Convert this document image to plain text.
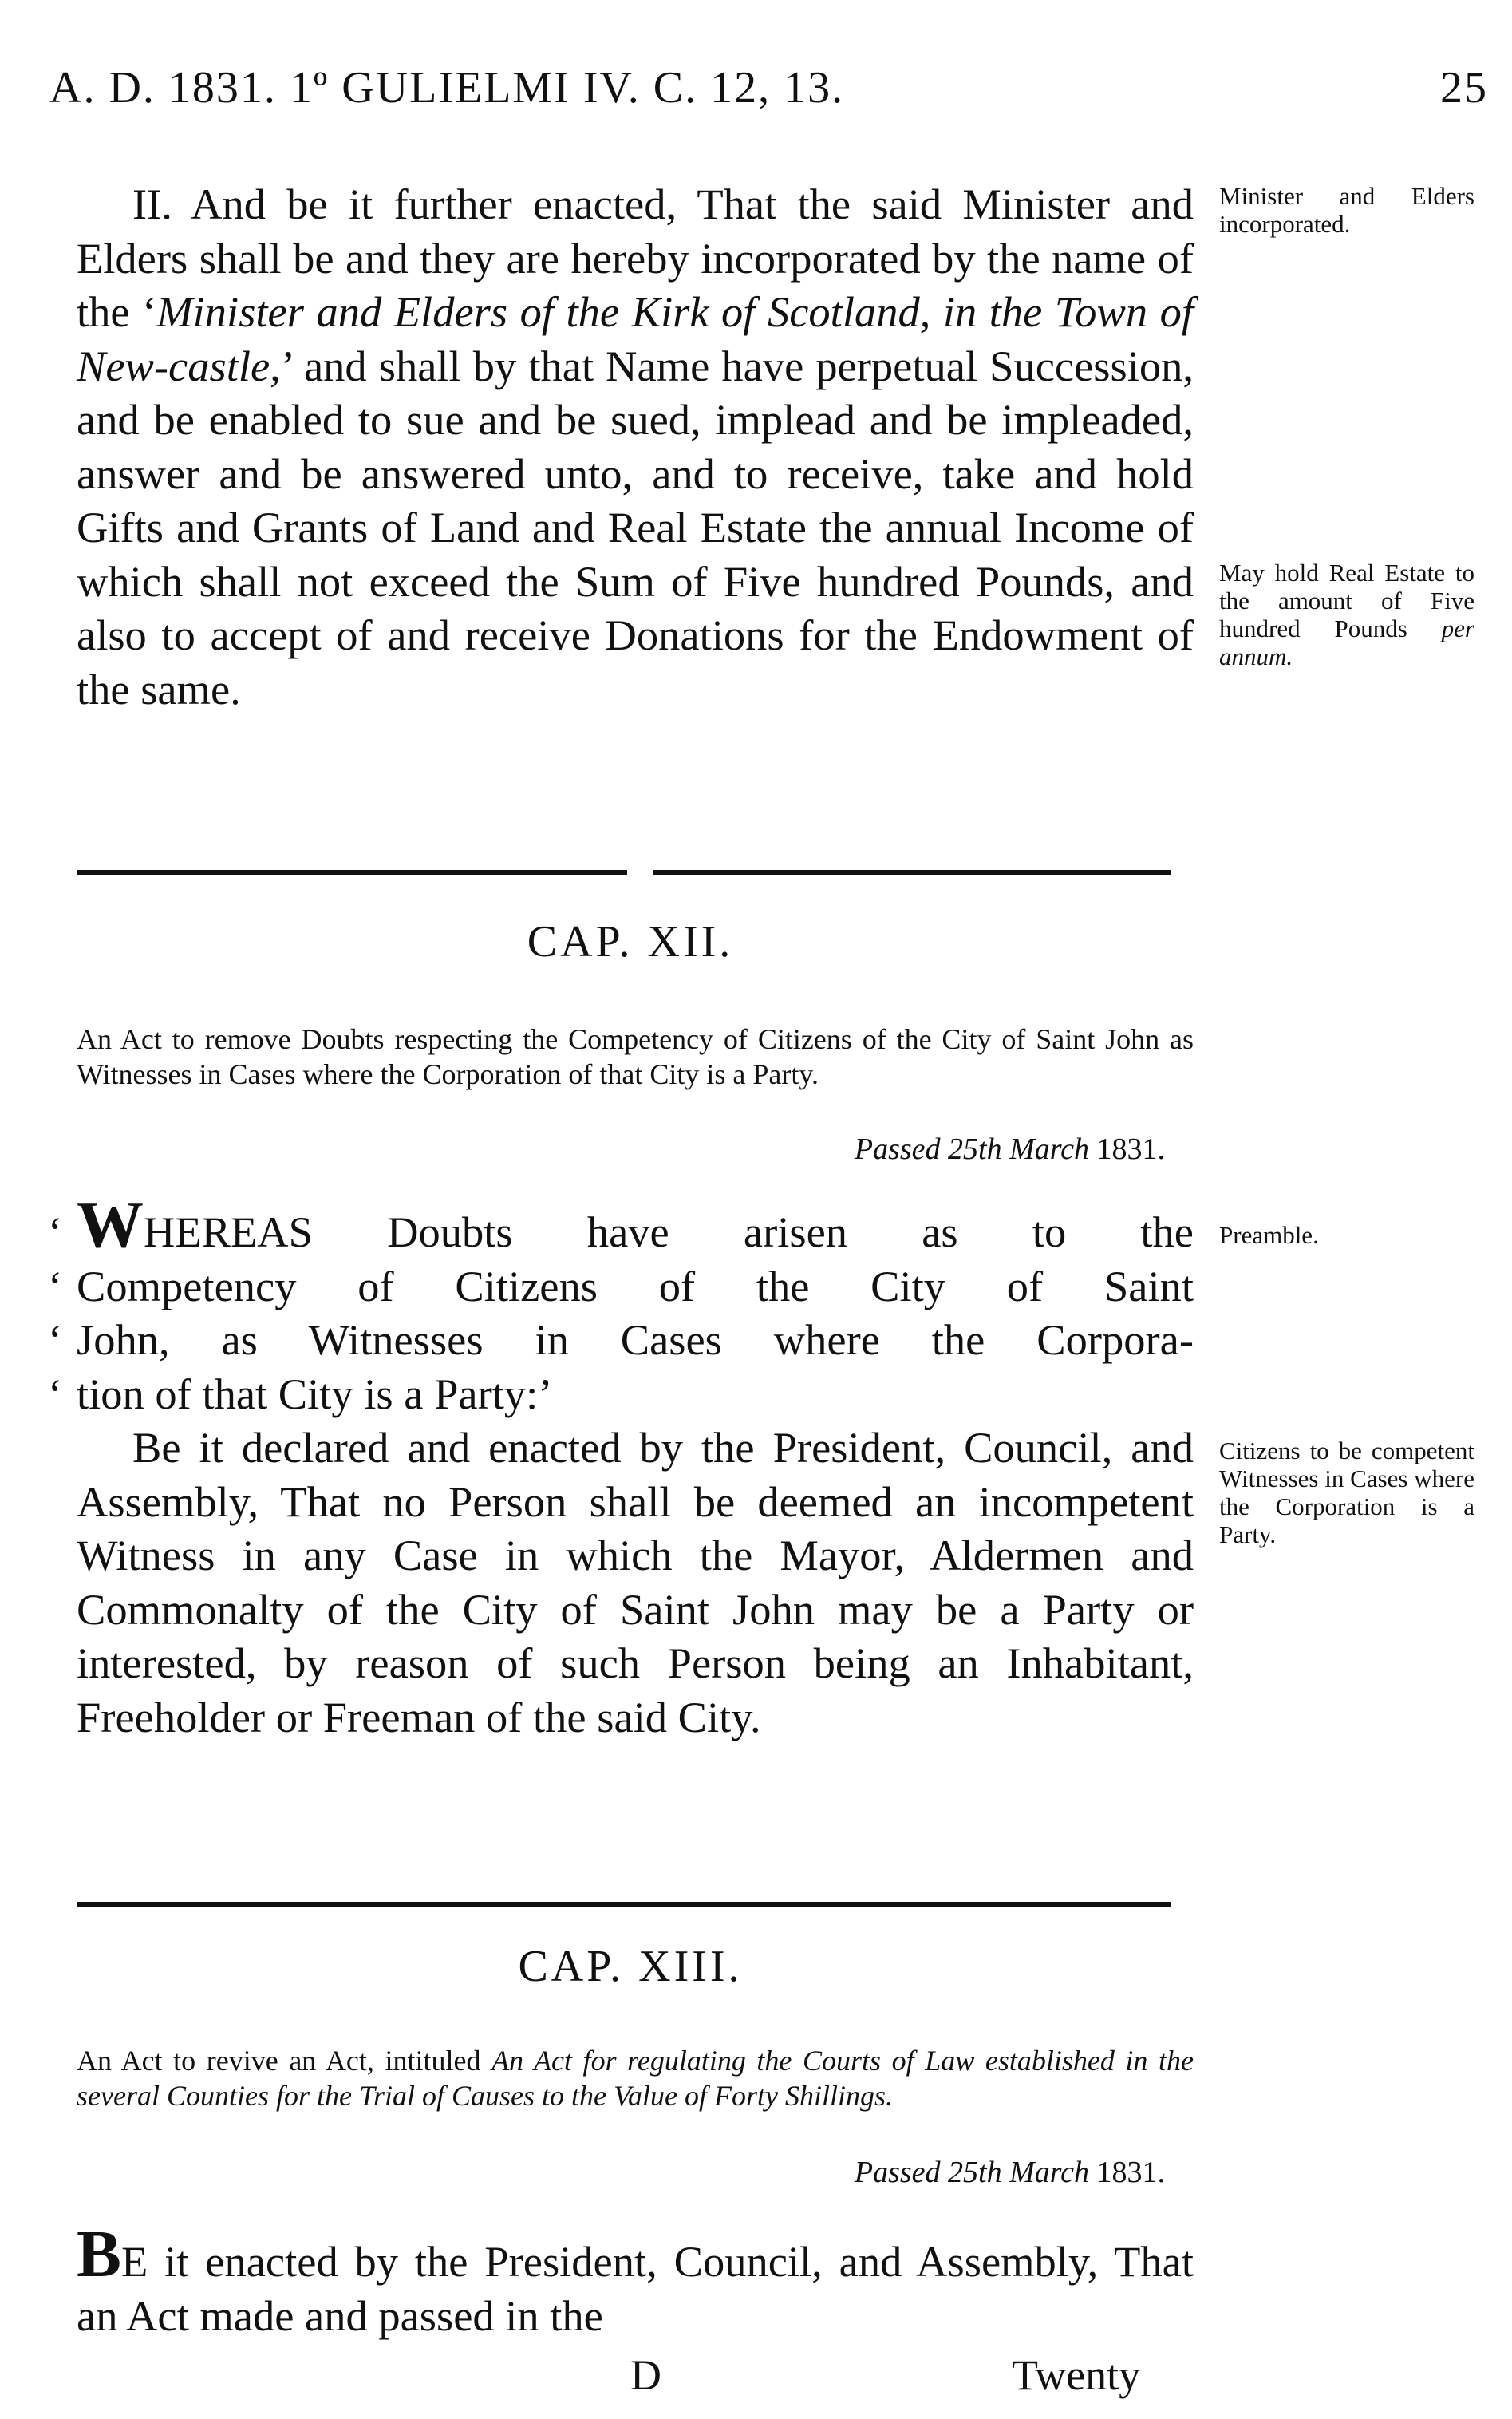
A. D. 1831. 1º GULIELMI IV. C. 12, 13.	25

II. And be it further enacted, That the said Minister and Elders shall be and they are hereby incorporated by the name of the ‘Minister and Elders of the Kirk of Scotland, in the Town of New-castle,’ and shall by that Name have perpetual Succession, and be enabled to sue and be sued, implead and be impleaded, answer and be answered unto, and to receive, take and hold Gifts and Grants of Land and Real Estate the annual Income of which shall not exceed the Sum of Five hundred Pounds, and also to accept of and receive Donations for the Endowment of the same.

Minister and Elders incorporated.
May hold Real Estate to the amount of Five hundred Pounds per annum.
CAP. XII.
An Act to remove Doubts respecting the Competency of Citizens of the City of Saint John as Witnesses in Cases where the Corporation of that City is a Party.
Passed 25th March 1831.

‘ WHEREAS Doubts have arisen as to the

‘ Competency of Citizens of the City of Saint

‘ John, as Witnesses in Cases where the Corpora-

‘ tion of that City is a Party:’

Be it declared and enacted by the President, Council, and Assembly, That no Person shall be deemed an incompetent Witness in any Case in which the Mayor, Aldermen and Commonalty of the City of Saint John may be a Party or interested, by reason of such Person being an Inhabitant, Freeholder or Freeman of the said City.

Preamble.
Citizens to be competent Witnesses in Cases where the Corporation is a Party.
CAP. XIII.
An Act to revive an Act, intituled An Act for regulating the Courts of Law established in the several Counties for the Trial of Causes to the Value of Forty Shillings.
Passed 25th March 1831.

BE it enacted by the President, Council, and Assembly, That an Act made and passed in the

D	Twenty
